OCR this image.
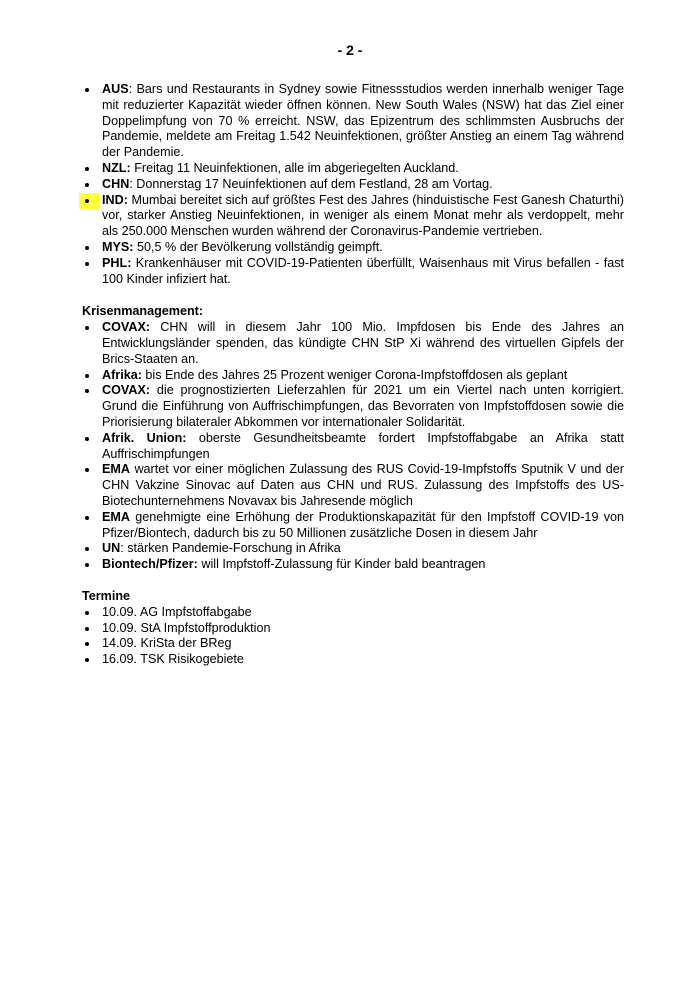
- 2 -

AUS: Bars und Restaurants in Sydney sowie Fitnessstudios werden innerhalb weniger Tage mit reduzierter Kapazität wieder öffnen können. New South Wales (NSW) hat das Ziel einer Doppelimpfung von 70 % erreicht. NSW, das Epizentrum des schlimmsten Ausbruchs der Pandemie, meldete am Freitag 1.542 Neuinfektionen, größter Anstieg an einem Tag während der Pandemie.

NZL: Freitag 11 Neuinfektionen, alle im abgeriegelten Auckland.

CHN: Donnerstag 17 Neuinfektionen auf dem Festland, 28 am Vortag.

IND: Mumbai bereitet sich auf größtes Fest des Jahres (hinduistische Fest Ganesh Chaturthi) vor, starker Anstieg Neuinfektionen, in weniger als einem Monat mehr als verdoppelt, mehr als 250.000 Menschen wurden während der Coronavirus-Pandemie vertrieben.

MYS: 50,5 % der Bevölkerung vollständig geimpft.

PHL: Krankenhäuser mit COVID-19-Patienten überfüllt, Waisenhaus mit Virus befallen - fast 100 Kinder infiziert hat.

Krisenmanagement:

COVAX: CHN will in diesem Jahr 100 Mio. Impfdosen bis Ende des Jahres an Entwicklungsländer spenden, das kündigte CHN StP Xi während des virtuellen Gipfels der Brics-Staaten an.

Afrika: bis Ende des Jahres 25 Prozent weniger Corona-Impfstoffdosen als geplant

COVAX: die prognostizierten Lieferzahlen für 2021 um ein Viertel nach unten korrigiert. Grund die Einführung von Auffrischimpfungen, das Bevorraten von Impfstoffdosen sowie die Priorisierung bilateraler Abkommen vor internationaler Solidarität.

Afrik. Union: oberste Gesundheitsbeamte fordert Impfstoffabgabe an Afrika statt Auffrischimpfungen

EMA wartet vor einer möglichen Zulassung des RUS Covid-19-Impfstoffs Sputnik V und der CHN Vakzine Sinovac auf Daten aus CHN und RUS. Zulassung des Impfstoffs des US-Biotechunternehmens Novavax bis Jahresende möglich

EMA genehmigte eine Erhöhung der Produktionskapazität für den Impfstoff COVID-19 von Pfizer/Biontech, dadurch bis zu 50 Millionen zusätzliche Dosen in diesem Jahr

UN: stärken Pandemie-Forschung in Afrika

Biontech/Pfizer: will Impfstoff-Zulassung für Kinder bald beantragen

Termine

10.09. AG Impfstoffabgabe
10.09. StA Impfstoffproduktion
14.09. KriSta der BReg
16.09. TSK Risikogebiete
